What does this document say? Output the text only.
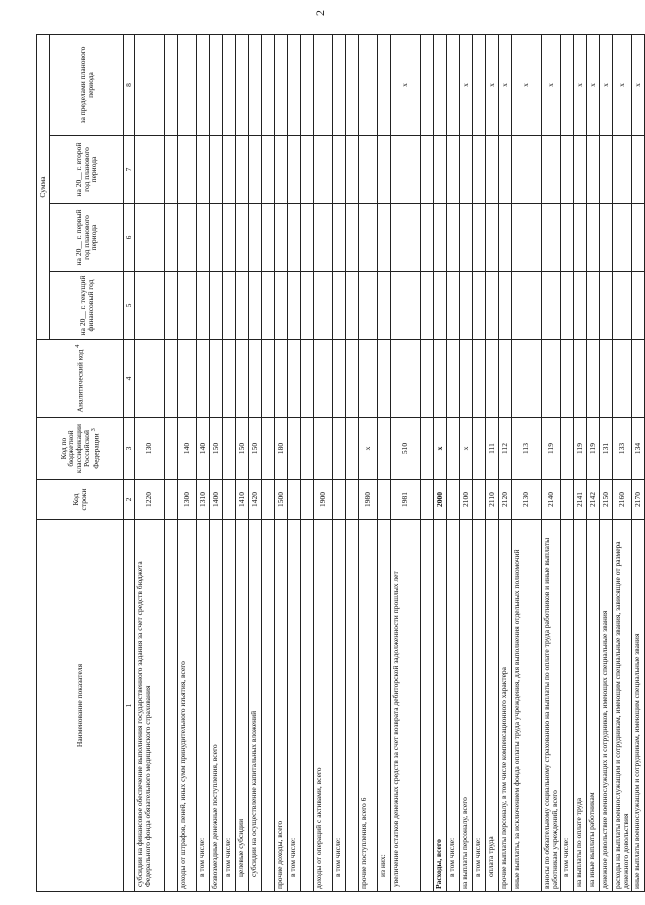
2
Наименование показателя	Код строки	Код по бюджетной классификации Российской Федерации $^3$	Аналитический код $^4$	Сумма			
				на 20__ г. текущий финансовый год	на 20__ г. первый год планового периода	на 20__ г. второй год планового периода	за пределами планового периода
1	2	3	4	5	6	7	8
субсидии на финансовое обеспечение выполнения государственного задания за счет средств бюджета Федерального фонда обязательного медицинского страхования	1220	130					

доходы от штрафов, пеней, иных сумм принудительного изъятия, всего	1300	140					
в том числе:	1310	140					
безвозмездные денежные поступления, всего	1400	150					
в том числе:							
целевые субсидии	1410	150					
субсидии на осуществление капитальных вложений	1420	150					

прочие доходы, всего	1500	180					
в том числе:							

доходы от операций с активами, всего	1900						
в том числе:							

прочие поступления, всего 6	1980	x					
из них:							
увеличение остатков денежных средств за счет возврата дебиторской задолженности прошлых лет	1981	510					x

Расходы, всего	2000	x					
в том числе:							
на выплаты персоналу, всего	2100	x					x
в том числе:							
оплата труда	2110	111					x
прочие выплаты персоналу, в том числе компенсационного характера	2120	112					x
иные выплаты, за исключением фонда оплаты труда учреждения, для выполнения отдельных полномочий	2130	113					x
взносы по обязательному социальному страхованию на выплаты по оплате труда работников и иные выплаты работникам учреждений, всего	2140	119					x
в том числе:							
на выплаты по оплате труда	2141	119					x
на иные выплаты работникам	2142	119					x
денежное довольствие военнослужащих и сотрудников, имеющих специальные звания	2150	131					x
расходы на выплаты военнослужащим и сотрудникам, имеющим специальные звания, зависящие от размера денежного довольствия	2160	133					x
иные выплаты военнослужащим и сотрудникам, имеющим специальные звания	2170	134					x
